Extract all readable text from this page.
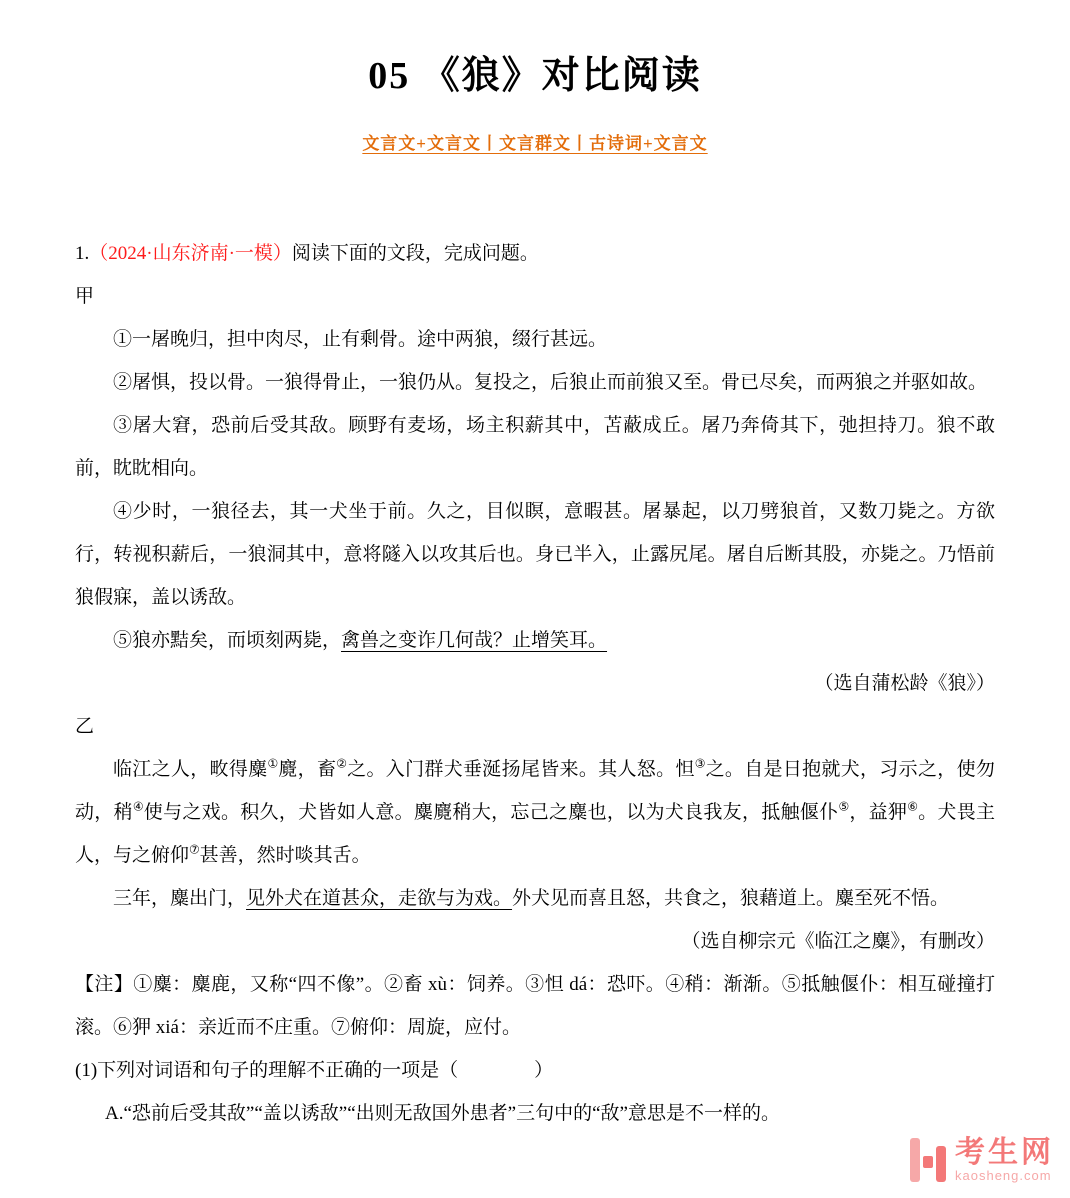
05 《狼》对比阅读
文言文+文言文丨文言群文丨古诗词+文言文

1.（2024·山东济南·一模）阅读下面的文段，完成问题。

甲

①一屠晚归，担中肉尽，止有剩骨。途中两狼，缀行甚远。

②屠惧，投以骨。一狼得骨止，一狼仍从。复投之，后狼止而前狼又至。骨已尽矣，而两狼之并驱如故。

③屠大窘，恐前后受其敌。顾野有麦场，场主积薪其中，苫蔽成丘。屠乃奔倚其下，弛担持刀。狼不敢前，眈眈相向。

④少时，一狼径去，其一犬坐于前。久之，目似瞑，意暇甚。屠暴起，以刀劈狼首，又数刀毙之。方欲行，转视积薪后，一狼洞其中，意将隧入以攻其后也。身已半入，止露尻尾。屠自后断其股，亦毙之。乃悟前狼假寐，盖以诱敌。

⑤狼亦黠矣，而顷刻两毙，禽兽之变诈几何哉？止增笑耳。

（选自蒲松龄《狼》）

乙

临江之人，畋得麋①麑，畜②之。入门群犬垂涎扬尾皆来。其人怒。怛③之。自是日抱就犬，习示之，使勿动，稍④使与之戏。积久，犬皆如人意。麋麑稍大，忘己之麋也，以为犬良我友，抵触偃仆⑤，益狎⑥。犬畏主人，与之俯仰⑦甚善，然时啖其舌。

三年，麋出门，见外犬在道甚众，走欲与为戏。外犬见而喜且怒，共食之，狼藉道上。麋至死不悟。

（选自柳宗元《临江之麋》，有删改）

【注】①麋：麋鹿，又称“四不像”。②畜 xù：饲养。③怛 dá：恐吓。④稍：渐渐。⑤抵触偃仆：相互碰撞打滚。⑥狎 xiá：亲近而不庄重。⑦俯仰：周旋，应付。

(1)下列对词语和句子的理解不正确的一项是（　　　　）

A.“恐前后受其敌”“盖以诱敌”“出则无敌国外患者”三句中的“敌”意思是不一样的。

考生网
kaosheng.com
